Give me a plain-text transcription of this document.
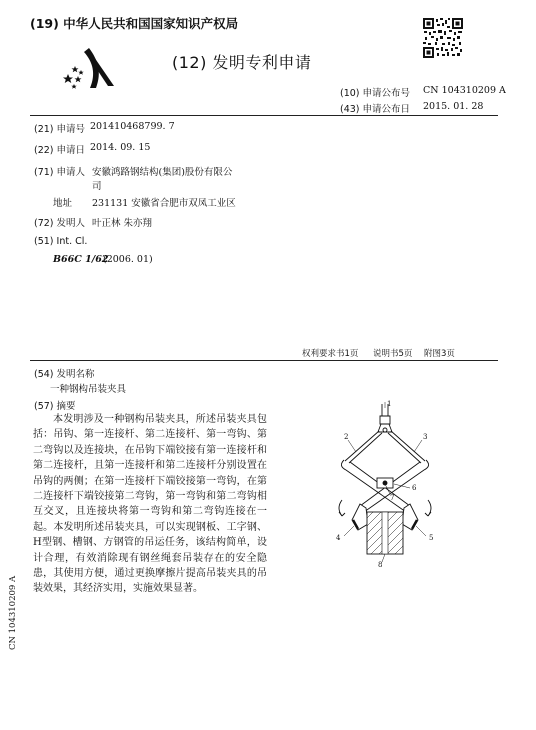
(19) 中华人民共和国国家知识产权局
(12) 发明专利申请
(10) 申请公布号 CN 104310209 A
(43) 申请公布日 2015. 01. 28
(21) 申请号 201410468799. 7
(22) 申请日 2014. 09. 15
(71) 申请人 安徽鸿路钢结构(集团)股份有限公
司
地址 231131 安徽省合肥市双凤工业区
(72) 发明人 叶正林 朱亦翔
(51) Int. Cl.
B66C 1/62
(2006. 01)
权利要求书1页 说明书5页 附图3页
(54) 发明名称
一种钢构吊装夹具
(57) 摘要
本发明涉及一种钢构吊装夹具，所述吊装夹具包括：吊钩、第一连接杆、第二连接杆、第一弯钩、第二弯钩以及连接块，在吊钩下端铰接有第一连接杆和第二连接杆，且第一连接杆和第二连接杆分别设置在吊钩的两侧；在第一连接杆下端铰接第一弯钩，在第二连接杆下端铰接第二弯钩，第一弯钩和第二弯钩相互交叉，且连接块将第一弯钩和第二弯钩连接在一起。本发明所述吊装夹具，可以实现钢板、工字钢、H型钢、槽钢、方钢管的吊运任务，该结构简单，设计合理，有效消除现有钢丝绳套吊装存在的安全隐患，其使用方便，通过更换摩擦片提高吊装夹具的吊装效果，其经济实用，实施效果显著。
1
2	3
4	5
6
7
8
CN 104310209 A
